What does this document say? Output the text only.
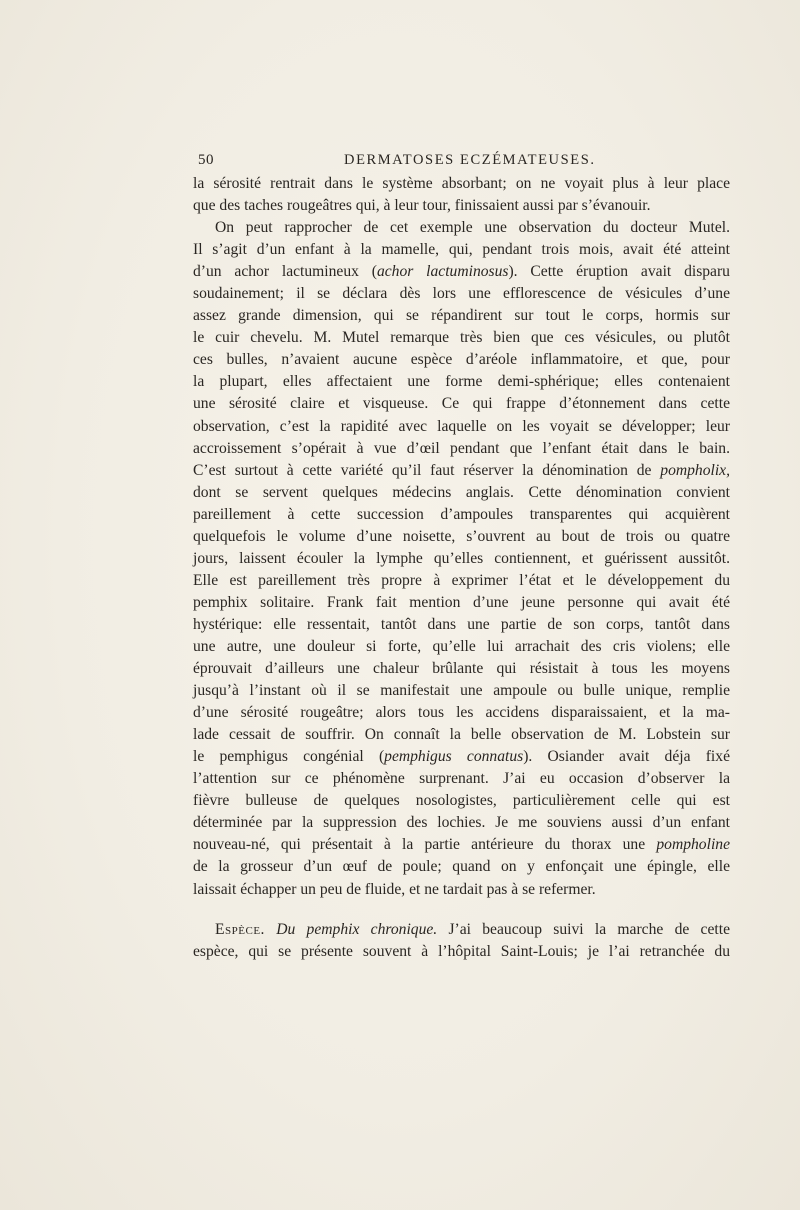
50	DERMATOSES ECZÉMATEUSES.
la sérosité rentrait dans le système absorbant; on ne voyait plus à leur place
que des taches rougeâtres qui, à leur tour, finissaient aussi par s’évanouir.
On peut rapprocher de cet exemple une observation du docteur Mutel.
Il s’agit d’un enfant à la mamelle, qui, pendant trois mois, avait été atteint
d’un achor lactumineux (achor lactuminosus). Cette éruption avait disparu
soudainement; il se déclara dès lors une efflorescence de vésicules d’une
assez grande dimension, qui se répandirent sur tout le corps, hormis sur
le cuir chevelu. M. Mutel remarque très bien que ces vésicules, ou plutôt
ces bulles, n’avaient aucune espèce d’aréole inflammatoire, et que, pour
la plupart, elles affectaient une forme demi-sphérique; elles contenaient
une sérosité claire et visqueuse. Ce qui frappe d’étonnement dans cette
observation, c’est la rapidité avec laquelle on les voyait se développer; leur
accroissement s’opérait à vue d’œil pendant que l’enfant était dans le bain.
C’est surtout à cette variété qu’il faut réserver la dénomination de pompholix,
dont se servent quelques médecins anglais. Cette dénomination convient
pareillement à cette succession d’ampoules transparentes qui acquièrent
quelquefois le volume d’une noisette, s’ouvrent au bout de trois ou quatre
jours, laissent écouler la lymphe qu’elles contiennent, et guérissent aussitôt.
Elle est pareillement très propre à exprimer l’état et le développement du
pemphix solitaire. Frank fait mention d’une jeune personne qui avait été
hystérique: elle ressentait, tantôt dans une partie de son corps, tantôt dans
une autre, une douleur si forte, qu’elle lui arrachait des cris violens; elle
éprouvait d’ailleurs une chaleur brûlante qui résistait à tous les moyens
jusqu’à l’instant où il se manifestait une ampoule ou bulle unique, remplie
d’une sérosité rougeâtre; alors tous les accidens disparaissaient, et la ma-
lade cessait de souffrir. On connaît la belle observation de M. Lobstein sur
le pemphigus congénial (pemphigus connatus). Osiander avait déja fixé
l’attention sur ce phénomène surprenant. J’ai eu occasion d’observer la
fièvre bulleuse de quelques nosologistes, particulièrement celle qui est
déterminée par la suppression des lochies. Je me souviens aussi d’un enfant
nouveau-né, qui présentait à la partie antérieure du thorax une pompholine
de la grosseur d’un œuf de poule; quand on y enfonçait une épingle, elle
laissait échapper un peu de fluide, et ne tardait pas à se refermer.
Espèce. Du pemphix chronique. J’ai beaucoup suivi la marche de cette
espèce, qui se présente souvent à l’hôpital Saint-Louis; je l’ai retranchée du
